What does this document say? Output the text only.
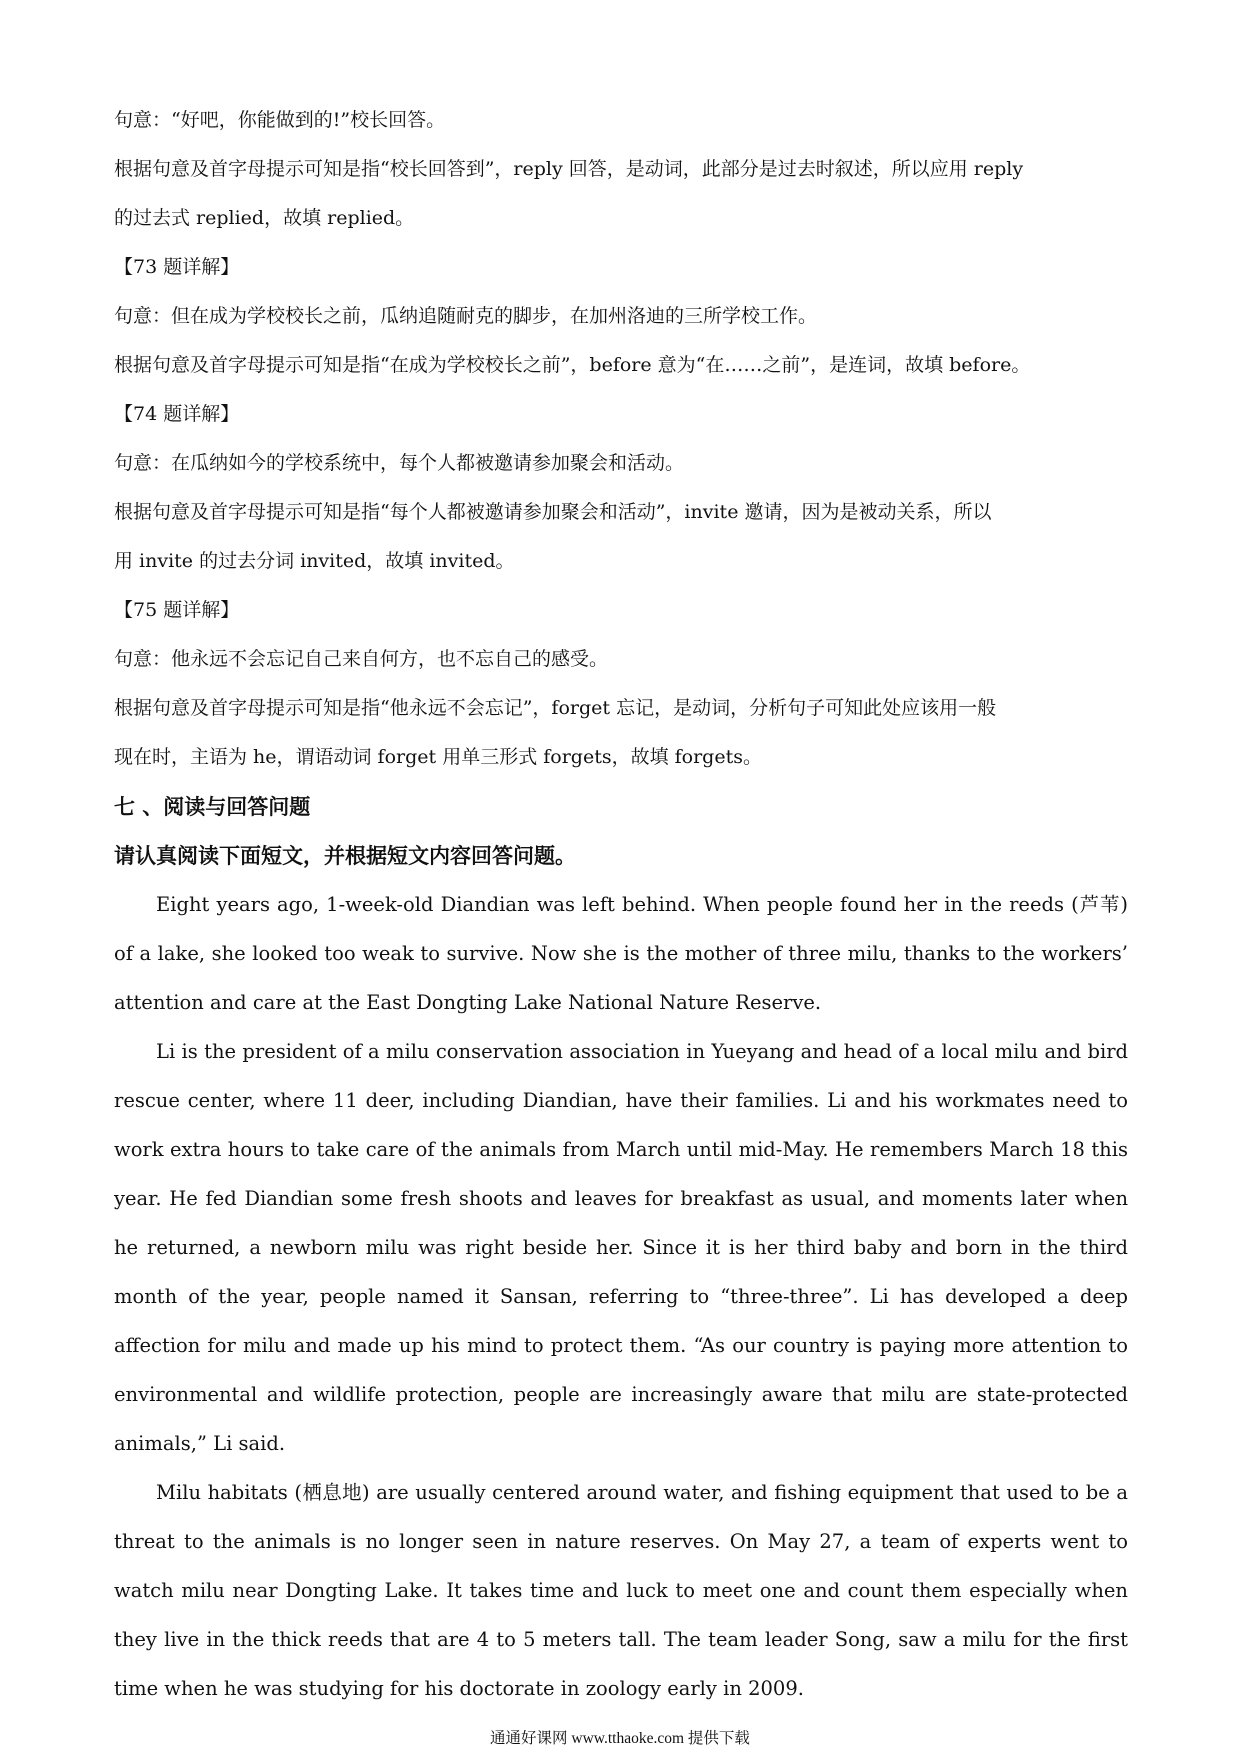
句意：“好吧，你能做到的!”校长回答。

根据句意及首字母提示可知是指“校长回答到”，reply 回答，是动词，此部分是过去时叙述，所以应用 reply

的过去式 replied，故填 replied。

【73 题详解】

句意：但在成为学校校长之前，瓜纳追随耐克的脚步，在加州洛迪的三所学校工作。

根据句意及首字母提示可知是指“在成为学校校长之前”，before 意为“在……之前”，是连词，故填 before。

【74 题详解】

句意：在瓜纳如今的学校系统中，每个人都被邀请参加聚会和活动。

根据句意及首字母提示可知是指“每个人都被邀请参加聚会和活动”，invite 邀请，因为是被动关系，所以

用 invite 的过去分词 invited，故填 invited。

【75 题详解】

句意：他永远不会忘记自己来自何方，也不忘自己的感受。

根据句意及首字母提示可知是指“他永远不会忘记”，forget 忘记，是动词，分析句子可知此处应该用一般

现在时，主语为 he，谓语动词 forget 用单三形式 forgets，故填 forgets。

七 、阅读与回答问题

请认真阅读下面短文，并根据短文内容回答问题。

Eight years ago, 1-week-old Diandian was left behind. When people found her in the reeds (芦苇) of a lake, she looked too weak to survive. Now she is the mother of three milu, thanks to the workers’ attention and care at the East Dongting Lake National Nature Reserve.

Li is the president of a milu conservation association in Yueyang and head of a local milu and bird rescue center, where 11 deer, including Diandian, have their families. Li and his workmates need to work extra hours to take care of the animals from March until mid-May. He remembers March 18 this year. He fed Diandian some fresh shoots and leaves for breakfast as usual, and moments later when he returned, a newborn milu was right beside her. Since it is her third baby and born in the third month of the year, people named it Sansan, referring to “three-three”. Li has developed a deep affection for milu and made up his mind to protect them. “As our country is paying more attention to environmental and wildlife protection, people are increasingly aware that milu are state-protected animals,” Li said.

Milu habitats (栖息地) are usually centered around water, and fishing equipment that used to be a threat to the animals is no longer seen in nature reserves. On May 27, a team of experts went to watch milu near Dongting Lake. It takes time and luck to meet one and count them especially when they live in the thick reeds that are 4 to 5 meters tall. The team leader Song, saw a milu for the first time when he was studying for his doctorate in zoology early in 2009.

通通好课网 www.tthaoke.com 提供下载
